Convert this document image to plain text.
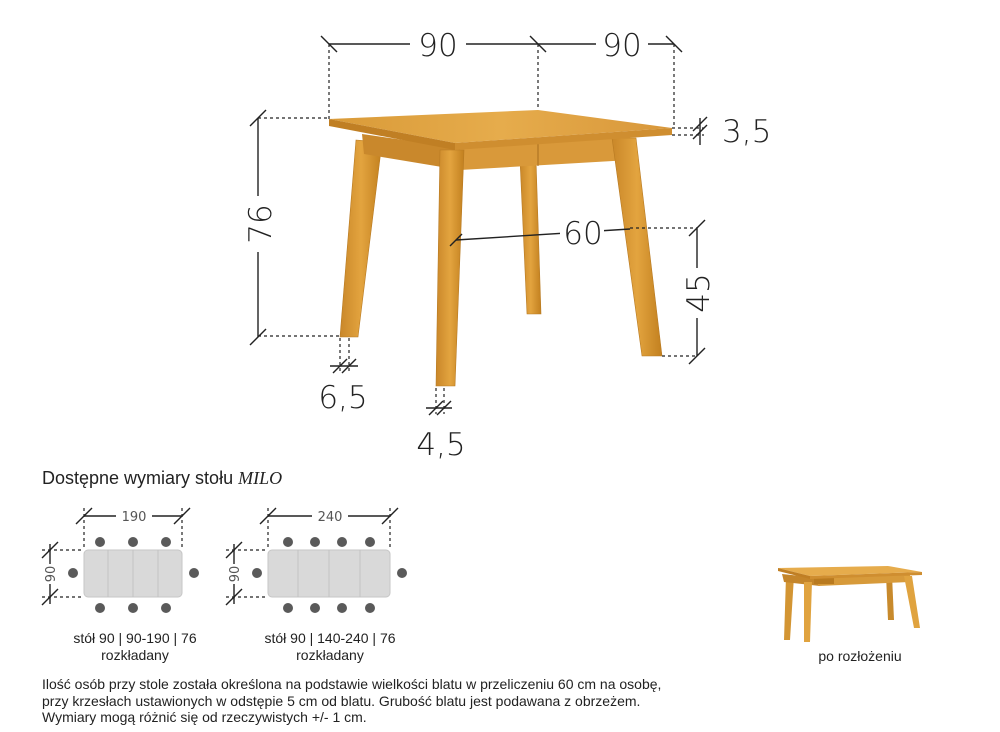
90	90
3,5
76	60
45
6,5
4,5
Dostępne wymiary stołu MILO
190
90
stół 90 | 90-190 | 76
rozkładany
240
90
stół 90 | 140-240 | 76
rozkładany	po rozłożeniu
Ilość osób przy stole została określona na podstawie wielkości blatu w przeliczeniu 60 cm na osobę,
przy krzesłach ustawionych w odstępie 5 cm od blatu. Grubość blatu jest podawana z obrzeżem.
Wymiary mogą różnić się od rzeczywistych +/- 1 cm.
